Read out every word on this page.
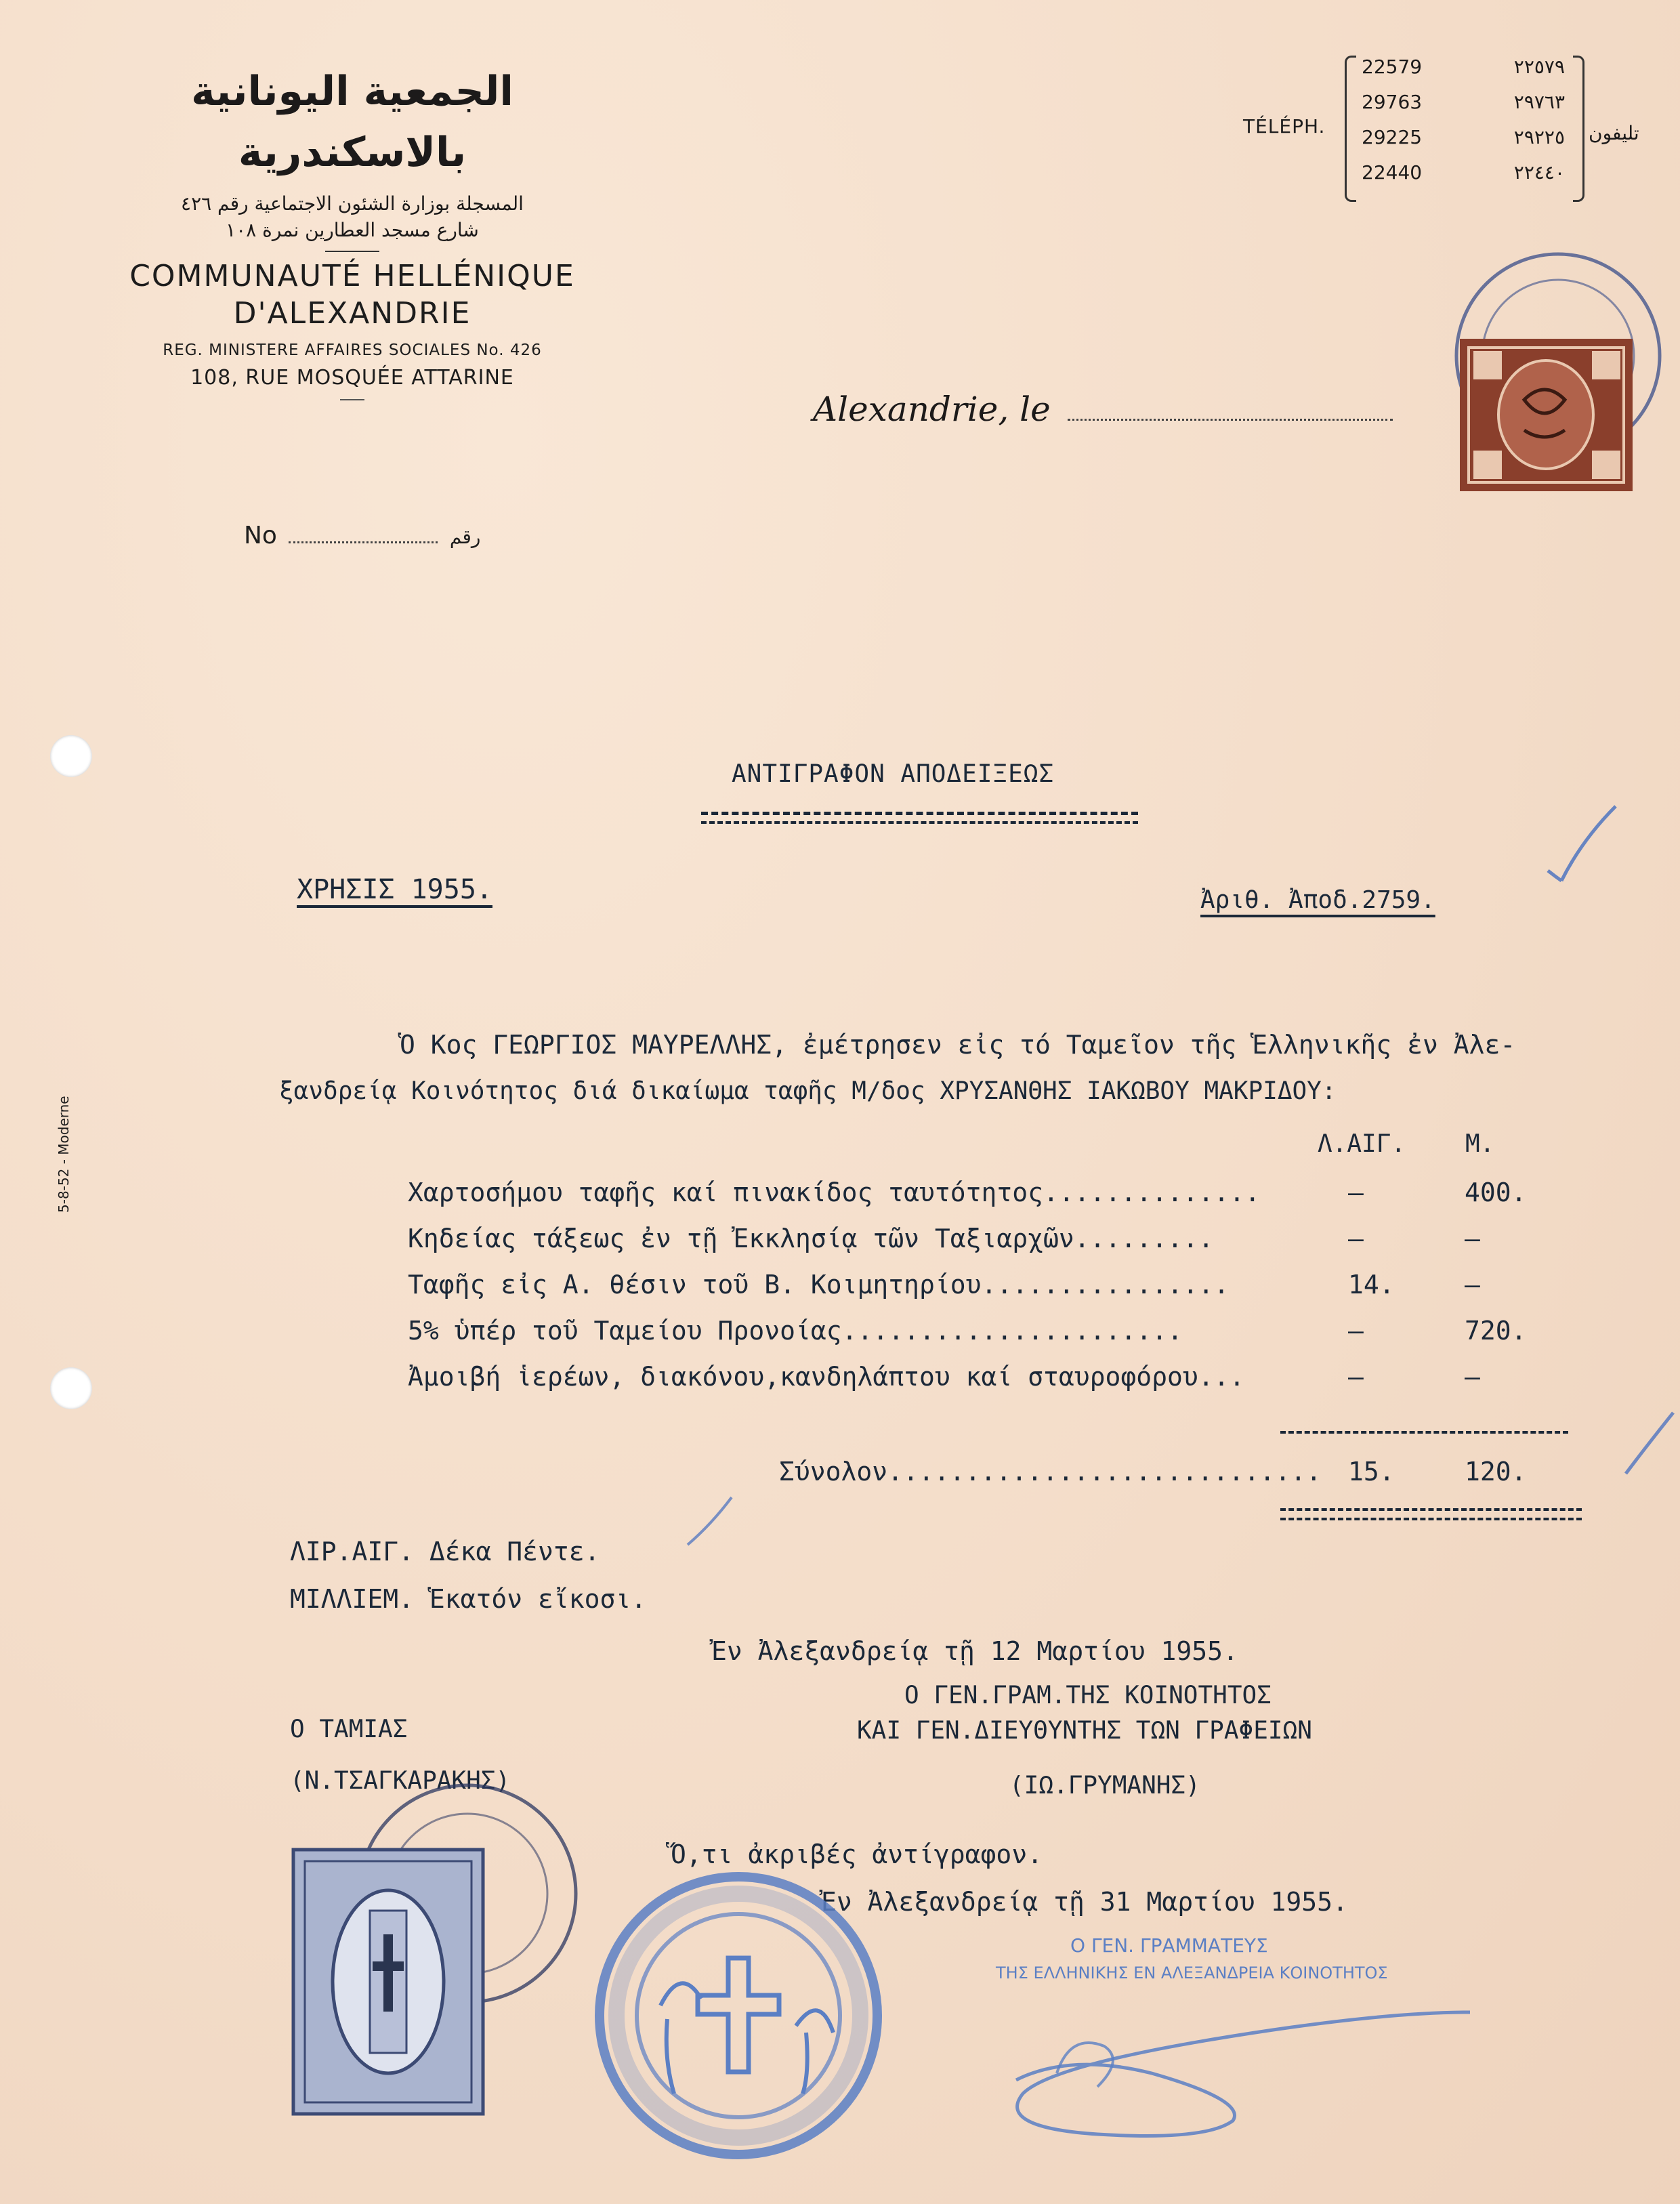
5-8-52 - Moderne
الجمعية اليونانية بالاسكندرية
المسجلة بوزارة الشئون الاجتماعية رقم ٤٢٦
شارع مسجد العطارين نمرة ١٠٨
COMMUNAUTÉ HELLÉNIQUE
D'ALEXANDRIE
REG. MINISTERE AFFAIRES SOCIALES No. 426
108, RUE MOSQUÉE ATTARINE
No	رقم
TÉLÉPH.
22579	٢٢٥٧٩
29763	٢٩٧٦٣
29225	٢٩٢٢٥
22440	٢٢٤٤٠
تليفون
Alexandrie, le
ΑΝΤΙΓΡΑΦΟΝ ΑΠΟΔΕΙΞΕΩΣ
ΧΡΗΣΙΣ 1955.	Ἀριθ. Ἀποδ.2759.
Ὁ Κος ΓΕΩΡΓΙΟΣ ΜΑΥΡΕΛΛΗΣ, ἐμέτρησεν εἰς τό Ταμεῖον τῆς Ἑλληνικῆς ἐν Ἀλε-
ξανδρείᾳ Κοινότητος διά δικαίωμα ταφῆς Μ/δος ΧΡΥΣΑΝΘΗΣ ΙΑΚΩΒΟΥ ΜΑΚΡΙΔΟΥ:
Λ.ΑΙΓ. Μ.
Χαρτοσήμου ταφῆς καί πινακίδος ταυτότητος..............	—	400.
Κηδείας τάξεως ἐν τῇ Ἐκκλησίᾳ τῶν Ταξιαρχῶν.........	—	—
Ταφῆς εἰς Α. θέσιν τοῦ Β. Κοιμητηρίου................	14.	—
5% ὑπέρ τοῦ Ταμείου Προνοίας......................	—	720.
Ἀμοιβή ἱερέων, διακόνου,κανδηλάπτου καί σταυροφόρου...	—	—
Σύνολον............................ 15.	120.
ΛΙΡ.ΑΙΓ. Δέκα Πέντε.
ΜΙΛΛΙΕΜ. Ἑκατόν εἴκοσι.
Ἐν Ἀλεξανδρείᾳ τῇ 12 Μαρτίου 1955.
Ο ΓΕΝ.ΓΡΑΜ.ΤΗΣ ΚΟΙΝΟΤΗΤΟΣ
ΚΑΙ ΓΕΝ.ΔΙΕΥΘΥΝΤΗΣ ΤΩΝ ΓΡΑΦΕΙΩΝ
(ΙΩ.ΓΡΥΜΑΝΗΣ)
Ο ΤΑΜΙΑΣ
(Ν.ΤΣΑΓΚΑΡΑΚΗΣ)
Ὅ,τι ἀκριβές ἀντίγραφον.
Ἐν Ἀλεξανδρείᾳ τῇ 31 Μαρτίου 1955.
Ο ΓΕΝ. ΓΡΑΜΜΑΤΕΥΣ
ΤΗΣ ΕΛΛΗΝΙΚΗΣ ΕΝ ΑΛΕΞΑΝΔΡΕΙΑ ΚΟΙΝΟΤΗΤΟΣ
